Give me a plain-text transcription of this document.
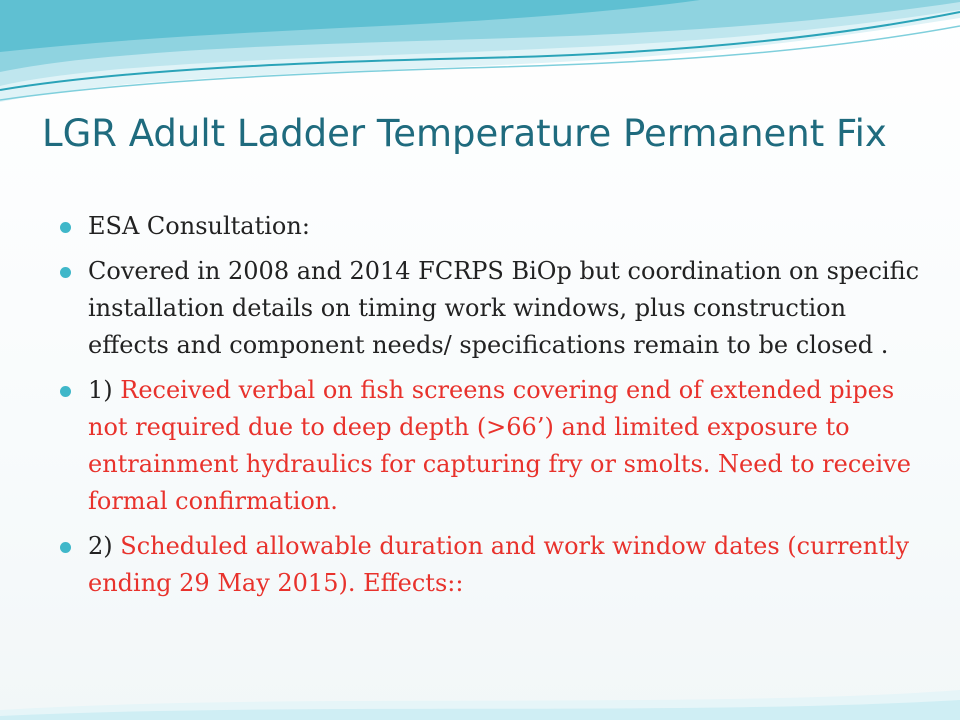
LGR Adult Ladder Temperature Permanent Fix
ESA Consultation:
Covered in 2008 and 2014 FCRPS BiOp but coordination on specific installation details on timing work windows, plus construction effects and component needs/ specifications remain to be closed .
1) Received verbal on fish screens covering end of extended pipes not required due to deep depth (>66’) and limited exposure to entrainment hydraulics for capturing fry or smolts. Need to receive formal confirmation.
2) Scheduled allowable duration and work window dates (currently ending 29 May 2015). Effects::
